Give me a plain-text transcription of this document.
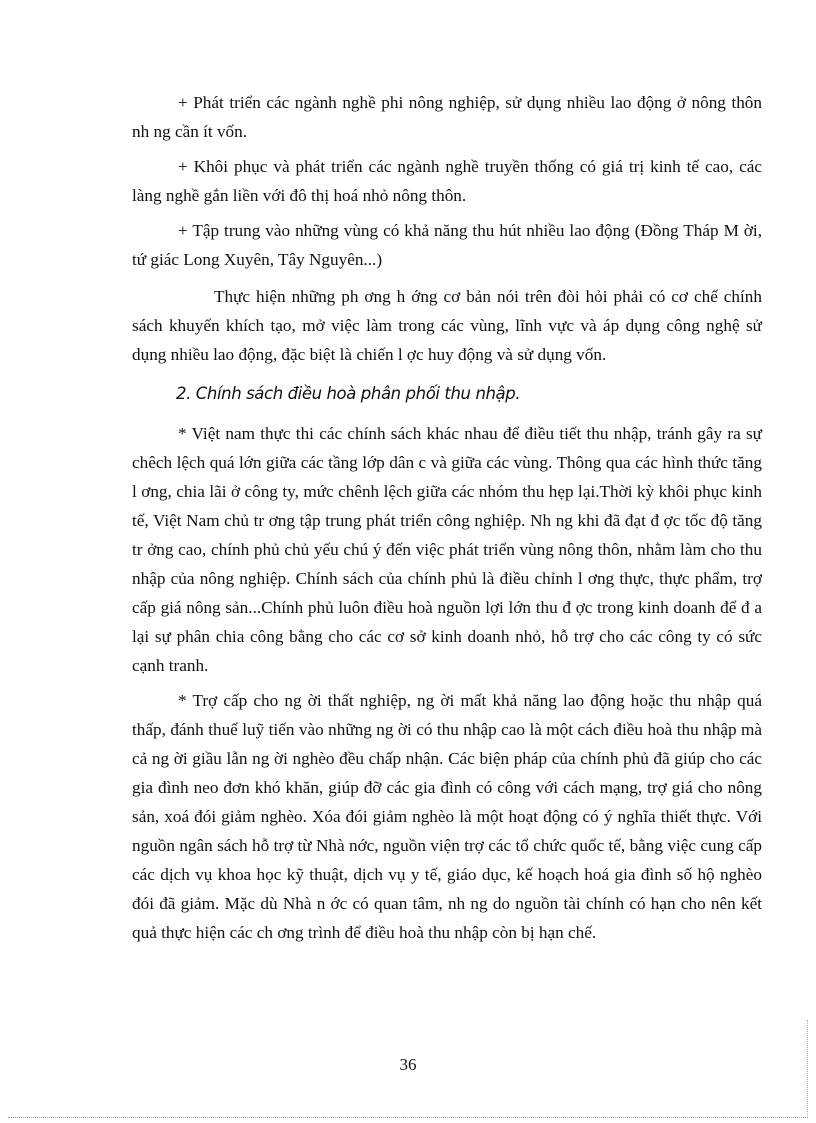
+ Phát triển các ngành nghề phi nông nghiệp, sử dụng nhiều lao động ở nông thôn nh ng cần ít vốn.

+ Khôi phục và phát triển các ngành nghề truyền thống có giá trị kinh tế cao, các làng nghề gắn liền với đô thị hoá nhỏ nông thôn.

+ Tập trung vào những vùng có khả năng thu hút nhiều lao động (Đồng Tháp M ời, tứ giác Long Xuyên, Tây Nguyên...)

Thực hiện những ph ơng h ớng cơ bản nói trên đòi hỏi phải có cơ chế chính sách khuyến khích tạo, mở việc làm trong các vùng, lĩnh vực và áp dụng công nghệ sử dụng nhiều lao động, đặc biệt là chiến l ợc huy động và sử dụng vốn.

2. Chính sách điều hoà phân phối thu nhập.

* Việt nam thực thi các chính sách khác nhau để điều tiết thu nhập, tránh gây ra sự chêch lệch quá lớn giữa các tầng lớp dân c và giữa các vùng. Thông qua các hình thức tăng l ơng, chia lãi ở công ty, mức chênh lệch giữa các nhóm thu hẹp lại.Thời kỳ khôi phục kinh tế, Việt Nam chủ tr ơng tập trung phát triển công nghiệp. Nh ng khi đã đạt đ ợc tốc độ tăng tr ởng cao, chính phủ chủ yếu chú ý đến việc phát triển vùng nông thôn, nhằm làm cho thu nhập của nông nghiệp. Chính sách của chính phủ là điều chỉnh l ơng thực, thực phẩm, trợ cấp giá nông sản...Chính phủ luôn điều hoà nguồn lợi lớn thu đ ợc trong kinh doanh để đ a lại sự phân chia công bằng cho các cơ sở kinh doanh nhỏ, hỗ trợ cho các công ty có sức cạnh tranh.

* Trợ cấp cho ng ời thất nghiệp, ng ời mất khả năng lao động hoặc thu nhập quá thấp, đánh thuế luỹ tiến vào những ng ời có thu nhập cao là một cách điều hoà thu nhập mà cả ng ời giầu lẫn ng ời nghèo đều chấp nhận. Các biện pháp của chính phủ đã giúp cho các gia đình neo đơn khó khăn, giúp đỡ các gia đình có công với cách mạng, trợ giá cho nông sản, xoá đói giảm nghèo. Xóa đói giảm nghèo là một hoạt động có ý nghĩa thiết thực. Với nguồn ngân sách hỗ trợ từ Nhà nớc, nguồn viện trợ các tổ chức quốc tế, bằng việc cung cấp các dịch vụ khoa học kỹ thuật, dịch vụ y tế, giáo dục, kế hoạch hoá gia đình số hộ nghèo đói đã giảm. Mặc dù Nhà n ớc có quan tâm, nh ng do nguồn tài chính có hạn cho nên kết quả thực hiện các ch ơng trình để điều hoà thu nhập còn bị hạn chế.

36
